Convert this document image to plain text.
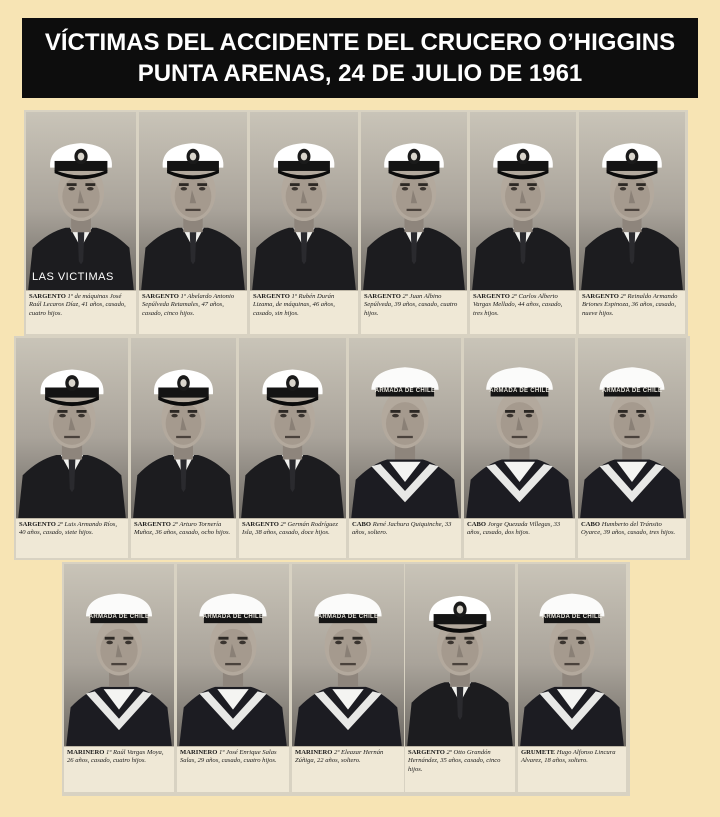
VÍCTIMAS DEL ACCIDENTE DEL CRUCERO O’HIGGINS
PUNTA ARENAS, 24 DE JULIO DE 1961
SARGENTO 1º de máquinas José Raúl Lecaros Díaz, 41 años, casado, cuatro hijos.
SARGENTO 1º Abelardo Antonio Sepúlveda Retamales, 47 años, casado, cinco hijos.
SARGENTO 1º Rubén Durán Lizama, de máquinas, 46 años, casado, sin hijos.
SARGENTO 2º Juan Albino Sepúlveda, 39 años, casado, cuatro hijos.
SARGENTO 2º Carlos Alberto Vargas Mellado, 44 años, casado, tres hijos.
SARGENTO 2º Reinaldo Armando Briones Espinoza, 36 años, casado, nueve hijos.
SARGENTO 2º Luis Armando Ríos, 40 años, casado, siete hijos.
SARGENTO 2º Arturo Tornería Muñoz, 36 años, casado, ocho hijos.
SARGENTO 2º Germán Rodríguez Isla, 38 años, casado, doce hijos.
ARMADA DE CHILE
CABO René Jachura Quiquinche, 33 años, soltero.
ARMADA DE CHILE
CABO Jorge Quezada Villegas, 33 años, casado, dos hijos.
ARMADA DE CHILE
CABO Humberto del Tránsito Oyarce, 39 años, casado, tres hijos.
ARMADA DE CHILE
MARINERO 1º Raúl Vargas Moya, 26 años, casado, cuatro hijos.
ARMADA DE CHILE
MARINERO 1º José Enrique Salas Salas, 29 años, casado, cuatro hijos.
ARMADA DE CHILE
MARINERO 2º Eleazar Hernán Zúñiga, 22 años, soltero.
SARGENTO 2º Otto Grandón Hernández, 35 años, casado, cinco hijos.
ARMADA DE CHILE
GRUMETE Hugo Alfonso Lincura Alvarez, 18 años, soltero.
LAS VICTIMAS
